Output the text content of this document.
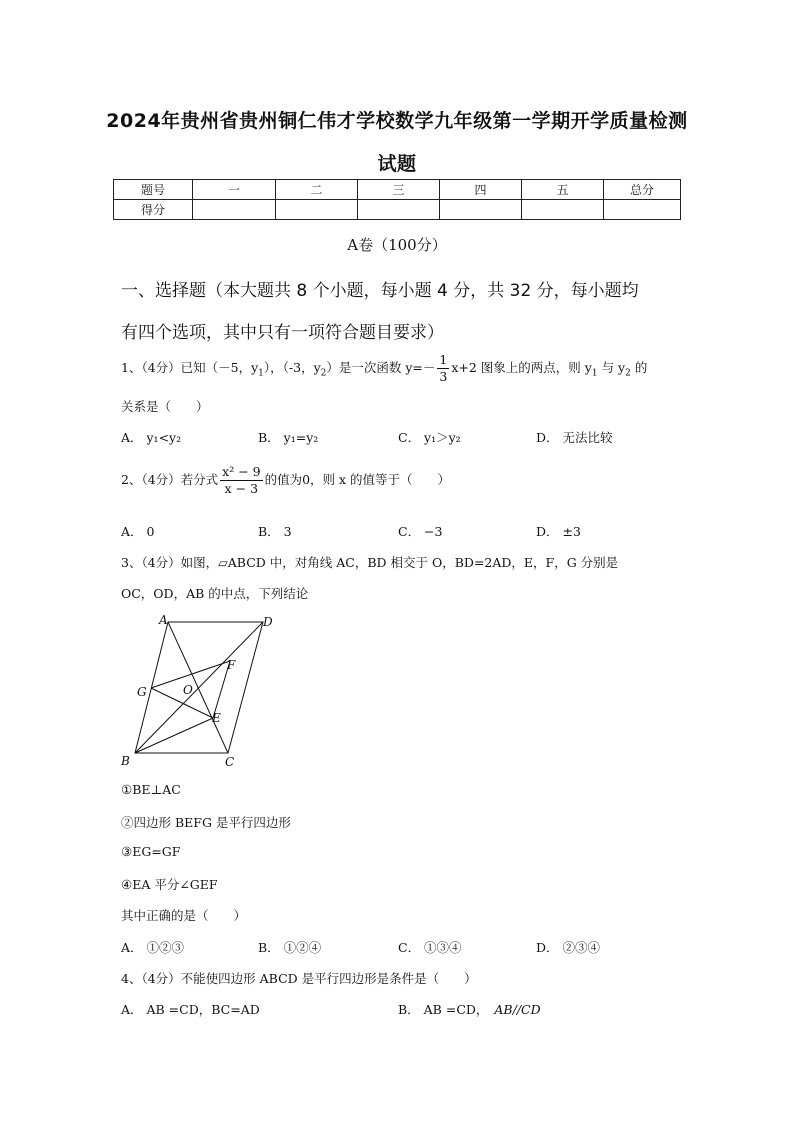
2024年贵州省贵州铜仁伟才学校数学九年级第一学期开学质量检测
试题
题号	一	二	三	四	五	总分
得分						
A卷（100分）
一、选择题（本大题共 8 个小题，每小题 4 分，共 32 分，每小题均
有四个选项，其中只有一项符合题目要求）
1、（4分）已知（－5，$y_1$），（-3，$y_2$）是一次函数 $y=- \frac{1}{3} x+2$ 图象上的两点，则 $y_1$ 与 $y_2$ 的
关系是（　　）
A． y₁<y₂	B． y₁=y₂	C． y₁＞y₂	D． 无法比较
2、（4分）若分式 $\frac{\text{x² − 9}}{x - 3}$ 的值为0，则 x 的值等于（　　）
A． 0	B． 3	C． −3	D． ±3
3、（4分）如图，▱ABCD 中，对角线 AC，BD 相交于 O，BD=2AD，E，F，G 分别是
OC，OD，AB 的中点，下列结论
A	D
F
G	O
E
B	C
①BE⊥AC
②四边形 BEFG 是平行四边形
③EG=GF
④EA 平分∠GEF
其中正确的是（　　）
A． ①②③	B． ①②④	C． ①③④	D． ②③④
4、（4分）不能使四边形 ABCD 是平行四边形是条件是（　　）
A． AB =CD，BC=AD	B． AB =CD， AB//CD
